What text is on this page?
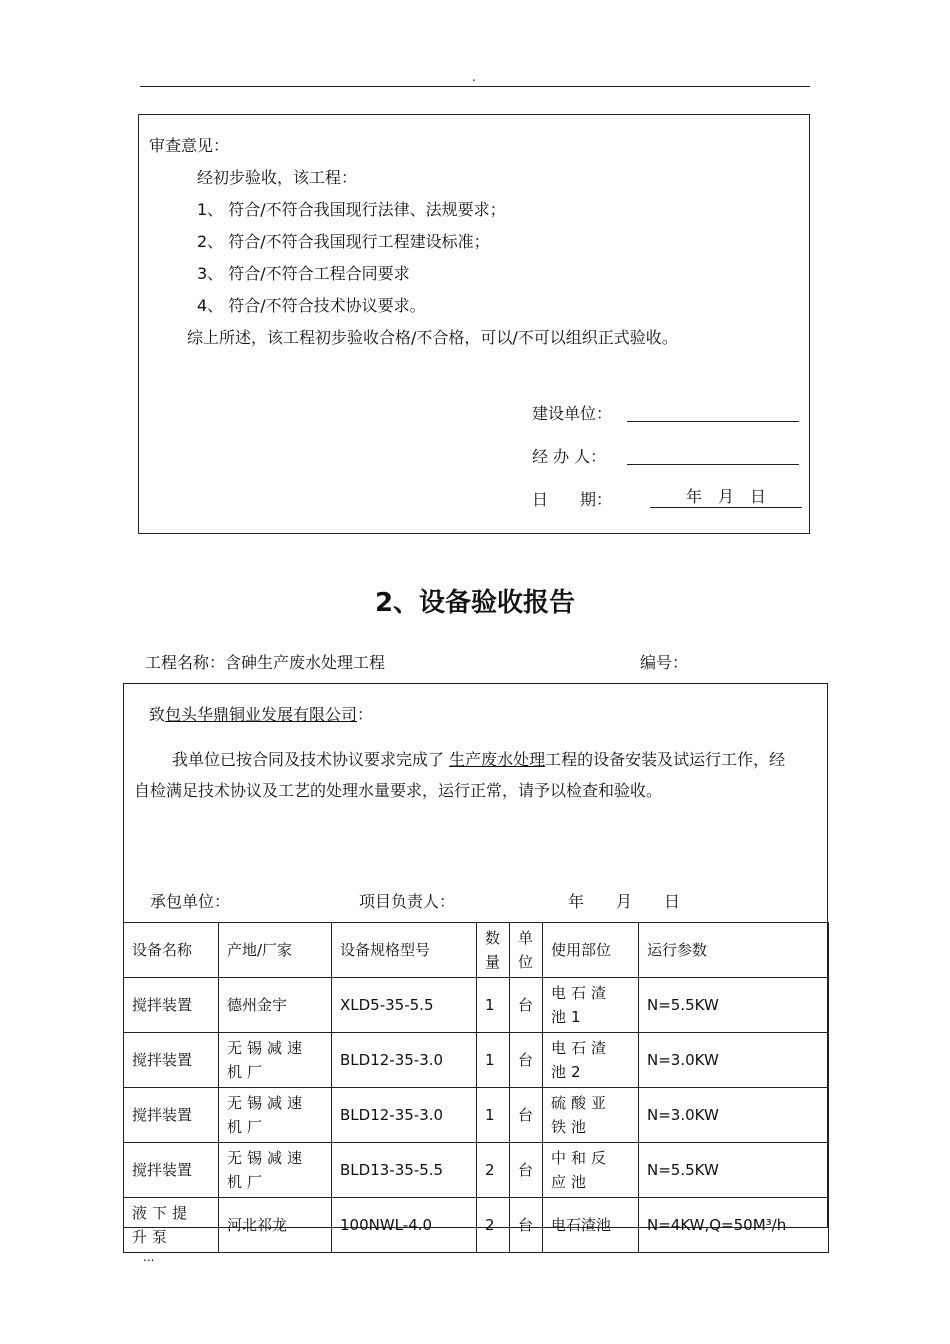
.
审查意见：
经初步验收，该工程：
1、 符合/不符合我国现行法律、法规要求；
2、 符合/不符合我国现行工程建设标准；
3、 符合/不符合工程合同要求
4、 符合/不符合技术协议要求。
综上所述，该工程初步验收合格/不合格，可以/不可以组织正式验收。
建设单位：
经 办 人：
日　　期：	年　月　日
2、设备验收报告
工程名称：含砷生产废水处理工程	编号：
致包头华鼎铜业发展有限公司：
我单位已按合同及技术协议要求完成了 生产废水处理工程的设备安装及试运行工作，经
自检满足技术协议及工艺的处理水量要求，运行正常，请予以检查和验收。
承包单位：	项目负责人：	年　　月　　日
设备名称	产地/厂家	设备规格型号	数量	单位	使用部位	运行参数
搅拌装置	德州金宇	XLD5-35-5.5	1	台	电石渣池1	N=5.5KW
搅拌装置	无锡减速机厂	BLD12-35-3.0	1	台	电石渣池2	N=3.0KW
搅拌装置	无锡减速机厂	BLD12-35-3.0	1	台	硫酸亚铁池	N=3.0KW
搅拌装置	无锡减速机厂	BLD13-35-5.5	2	台	中和反应池	N=5.5KW
液下提升泵	河北祁龙	100NWL-4.0	2	台	电石渣池	N=4KW,Q=50M³/h
...
